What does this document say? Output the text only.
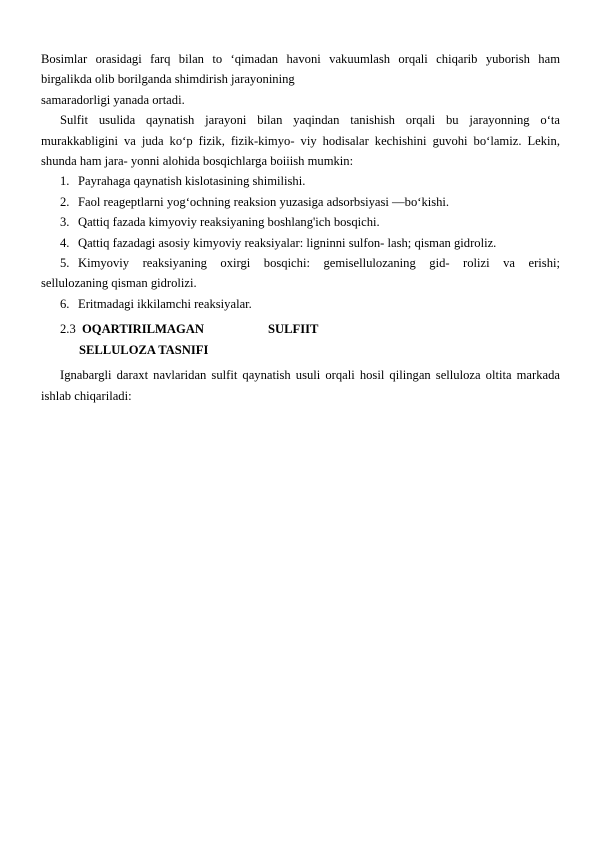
Bosimlar orasidagi farq bilan to ‘qimadan havoni vakuumlash orqali chiqarib yuborish ham
birgalikda olib borilganda shimdirish jarayonining
samaradorligi yanada ortadi.
Sulfit usulida qaynatish jarayoni bilan yaqindan tanishish orqali bu jarayonning o‘ta
murakkabligini va juda ko‘p fizik, fizik-kimyo- viy hodisalar kechishini guvohi bo‘lamiz. Lekin,
shunda ham jara- yonni alohida bosqichlarga boiiish mumkin:
1. Payrahaga qaynatish kislotasining shimilishi.
2. Faol reageptlarni yog‘ochning reaksion yuzasiga adsorbsiyasi —bo‘kishi.
3. Qattiq fazada kimyoviy reaksiyaning boshlang'ich bosqichi.
4. Qattiq fazadagi asosiy kimyoviy reaksiyalar: ligninni sulfon- lash; qisman gidroliz.
5. Kimyoviy reaksiyaning oxirgi bosqichi: gemisellulozaning gid- rolizi va erishi;
sellulozaning qisman gidrolizi.
6. Eritmadagi ikkilamchi reaksiyalar.
2.3 OQARTIRILMAGAN	SULFIIT
SELLULOZA TASNIFI
Ignabargli daraxt navlaridan sulfit qaynatish usuli orqali hosil qilingan selluloza oltita markada
ishlab chiqariladi:
